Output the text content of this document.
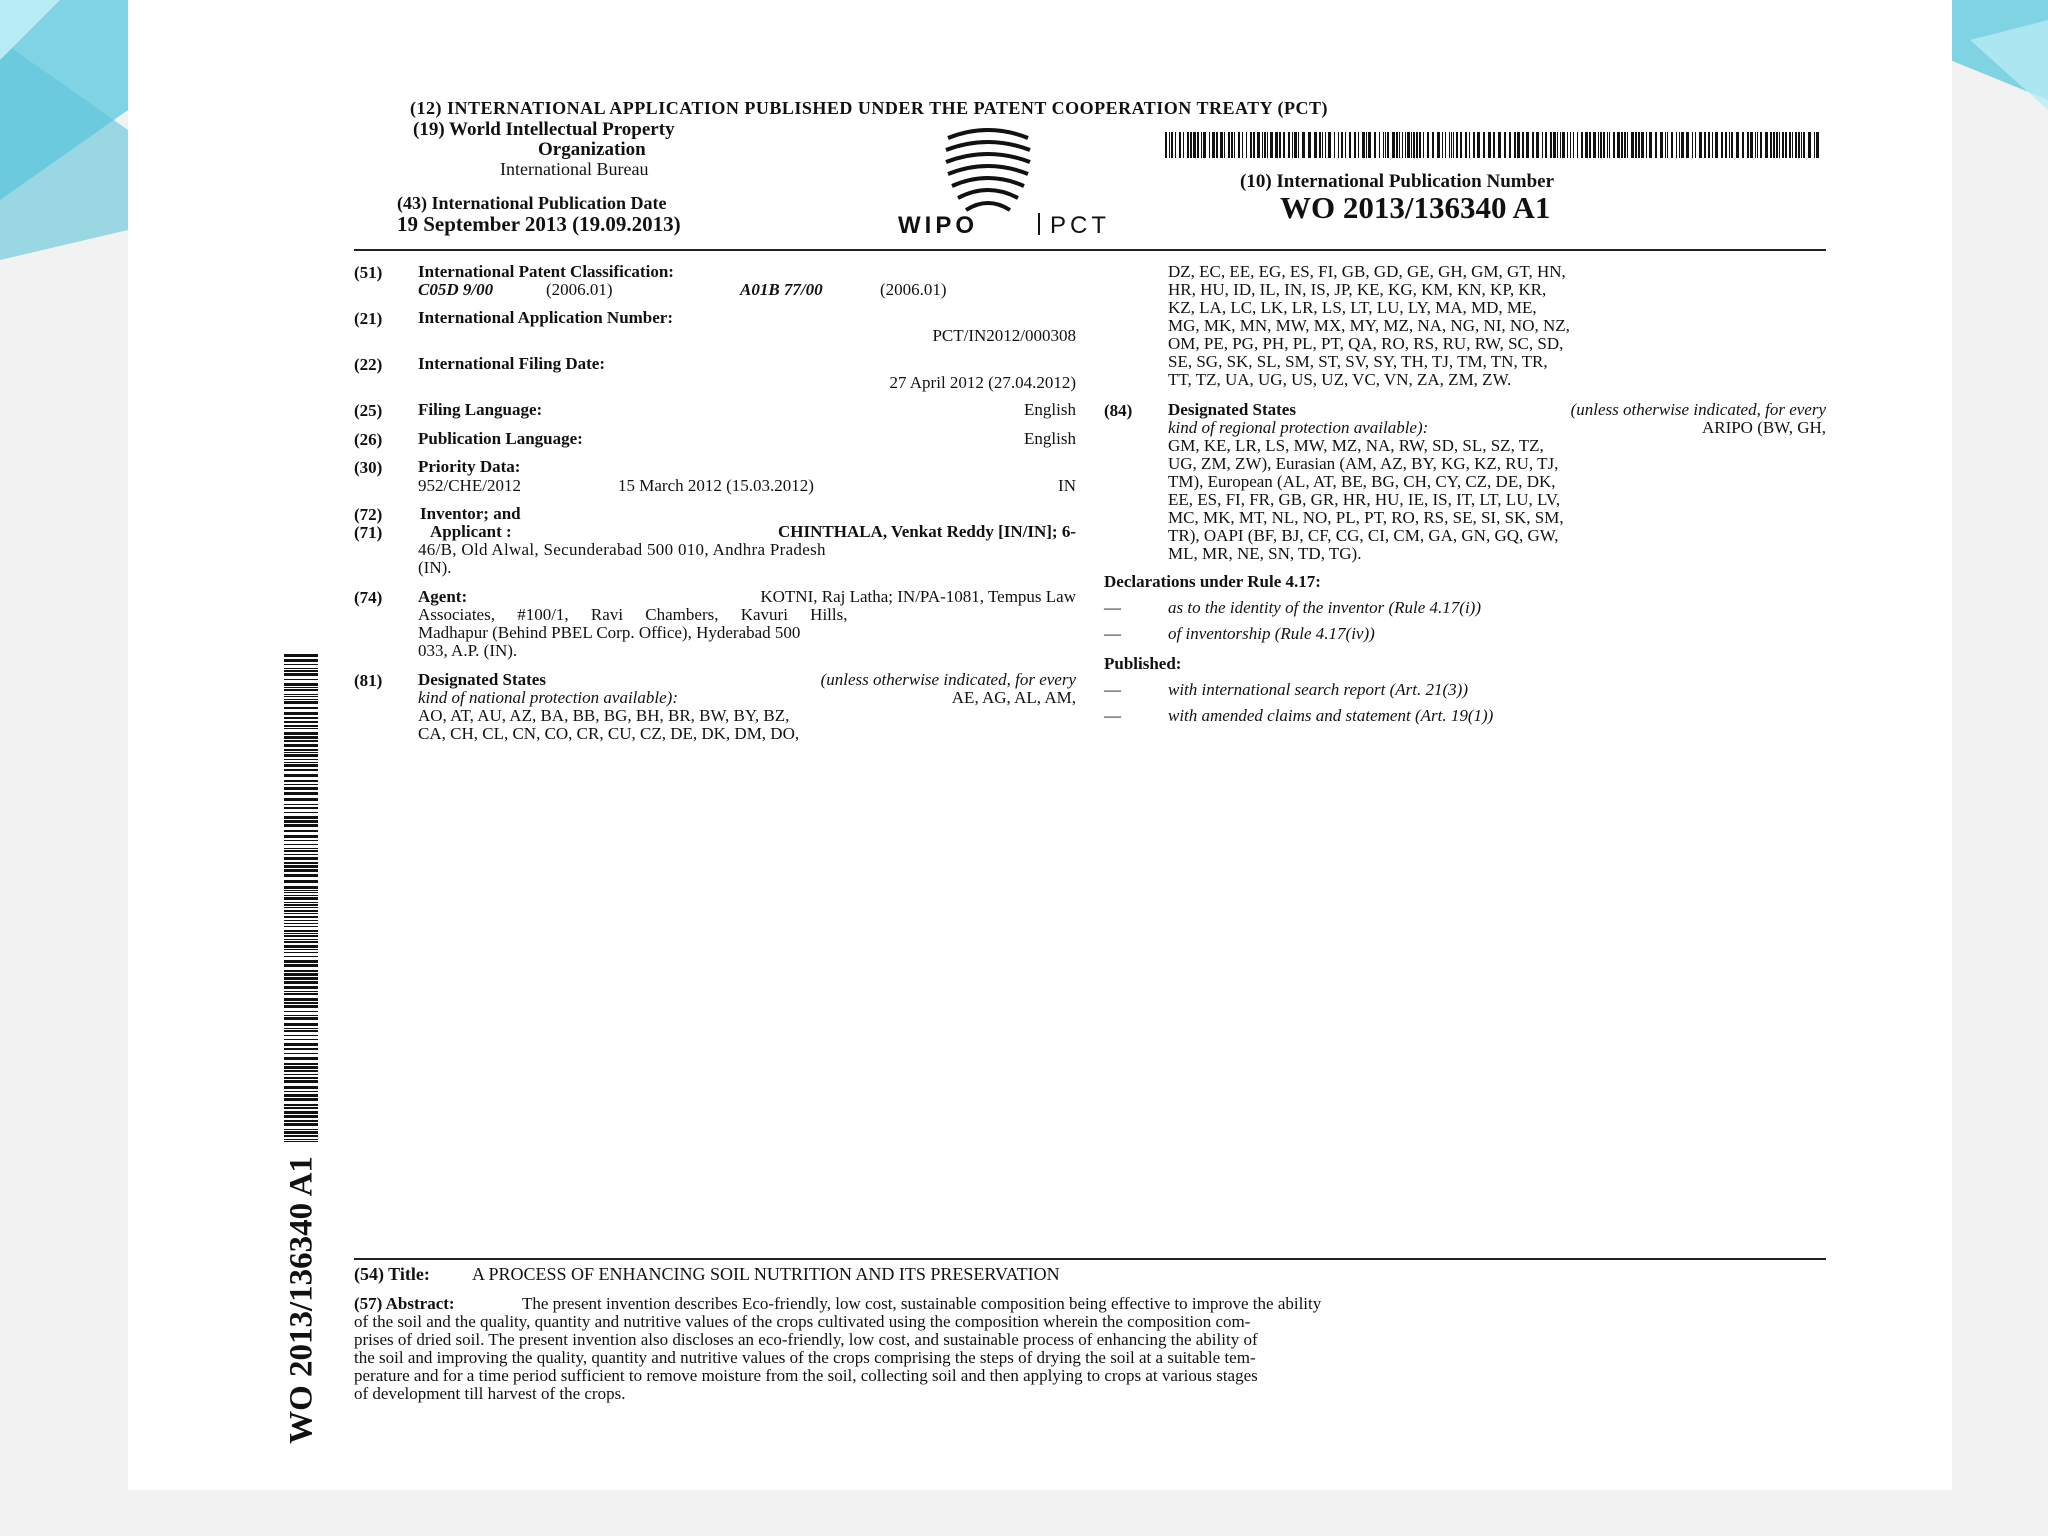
(12) INTERNATIONAL APPLICATION PUBLISHED UNDER THE PATENT COOPERATION TREATY (PCT)
(19) World Intellectual Property
Organization
International Bureau
(43) International Publication Date
19 September 2013 (19.09.2013)	WIPO	PCT
(10) International Publication Number
WO 2013/136340 A1
(51) International Patent Classification:
C05D 9/00	(2006.01)	A01B 77/00	(2006.01)
(21) International Application Number:
PCT/IN2012/000308
(22) International Filing Date:
27 April 2012 (27.04.2012)
(25) Filing Language:	English
(26) Publication Language:	English
(30) Priority Data:
952/CHE/2012	15 March 2012 (15.03.2012)	IN
(72) Inventor; and
(71)	Applicant :	CHINTHALA, Venkat Reddy [IN/IN]; 6-
46/B, Old Alwal, Secunderabad 500 010, Andhra Pradesh
(IN).
(74) Agent:	KOTNI, Raj Latha; IN/PA-1081, Tempus Law
Associates, #100/1, Ravi Chambers, Kavuri Hills,
Madhapur (Behind PBEL Corp. Office), Hyderabad 500
033, A.P. (IN).
(81) Designated States	(unless otherwise indicated, for every
kind of national protection available):	AE, AG, AL, AM,
AO, AT, AU, AZ, BA, BB, BG, BH, BR, BW, BY, BZ,
CA, CH, CL, CN, CO, CR, CU, CZ, DE, DK, DM, DO,
DZ, EC, EE, EG, ES, FI, GB, GD, GE, GH, GM, GT, HN,
HR, HU, ID, IL, IN, IS, JP, KE, KG, KM, KN, KP, KR,
KZ, LA, LC, LK, LR, LS, LT, LU, LY, MA, MD, ME,
MG, MK, MN, MW, MX, MY, MZ, NA, NG, NI, NO, NZ,
OM, PE, PG, PH, PL, PT, QA, RO, RS, RU, RW, SC, SD,
SE, SG, SK, SL, SM, ST, SV, SY, TH, TJ, TM, TN, TR,
TT, TZ, UA, UG, US, UZ, VC, VN, ZA, ZM, ZW.
(84) Designated States	(unless otherwise indicated, for every
kind of regional protection available):	ARIPO (BW, GH,
GM, KE, LR, LS, MW, MZ, NA, RW, SD, SL, SZ, TZ,
UG, ZM, ZW), Eurasian (AM, AZ, BY, KG, KZ, RU, TJ,
TM), European (AL, AT, BE, BG, CH, CY, CZ, DE, DK,
EE, ES, FI, FR, GB, GR, HR, HU, IE, IS, IT, LT, LU, LV,
MC, MK, MT, NL, NO, PL, PT, RO, RS, SE, SI, SK, SM,
TR), OAPI (BF, BJ, CF, CG, CI, CM, GA, GN, GQ, GW,
ML, MR, NE, SN, TD, TG).
Declarations under Rule 4.17:
—	as to the identity of the inventor (Rule 4.17(i))
—	of inventorship (Rule 4.17(iv))
Published:
—	with international search report (Art. 21(3))
—	with amended claims and statement (Art. 19(1))
WO 2013/136340 A1 (54) Title: A PROCESS OF ENHANCING SOIL NUTRITION AND ITS PRESERVATION
(57) Abstract:	The present invention describes Eco-friendly, low cost, sustainable composition being effective to improve the ability
of the soil and the quality, quantity and nutritive values of the crops cultivated using the composition wherein the composition com-
prises of dried soil. The present invention also discloses an eco-friendly, low cost, and sustainable process of enhancing the ability of
the soil and improving the quality, quantity and nutritive values of the crops comprising the steps of drying the soil at a suitable tem-
perature and for a time period sufficient to remove moisture from the soil, collecting soil and then applying to crops at various stages
of development till harvest of the crops.
